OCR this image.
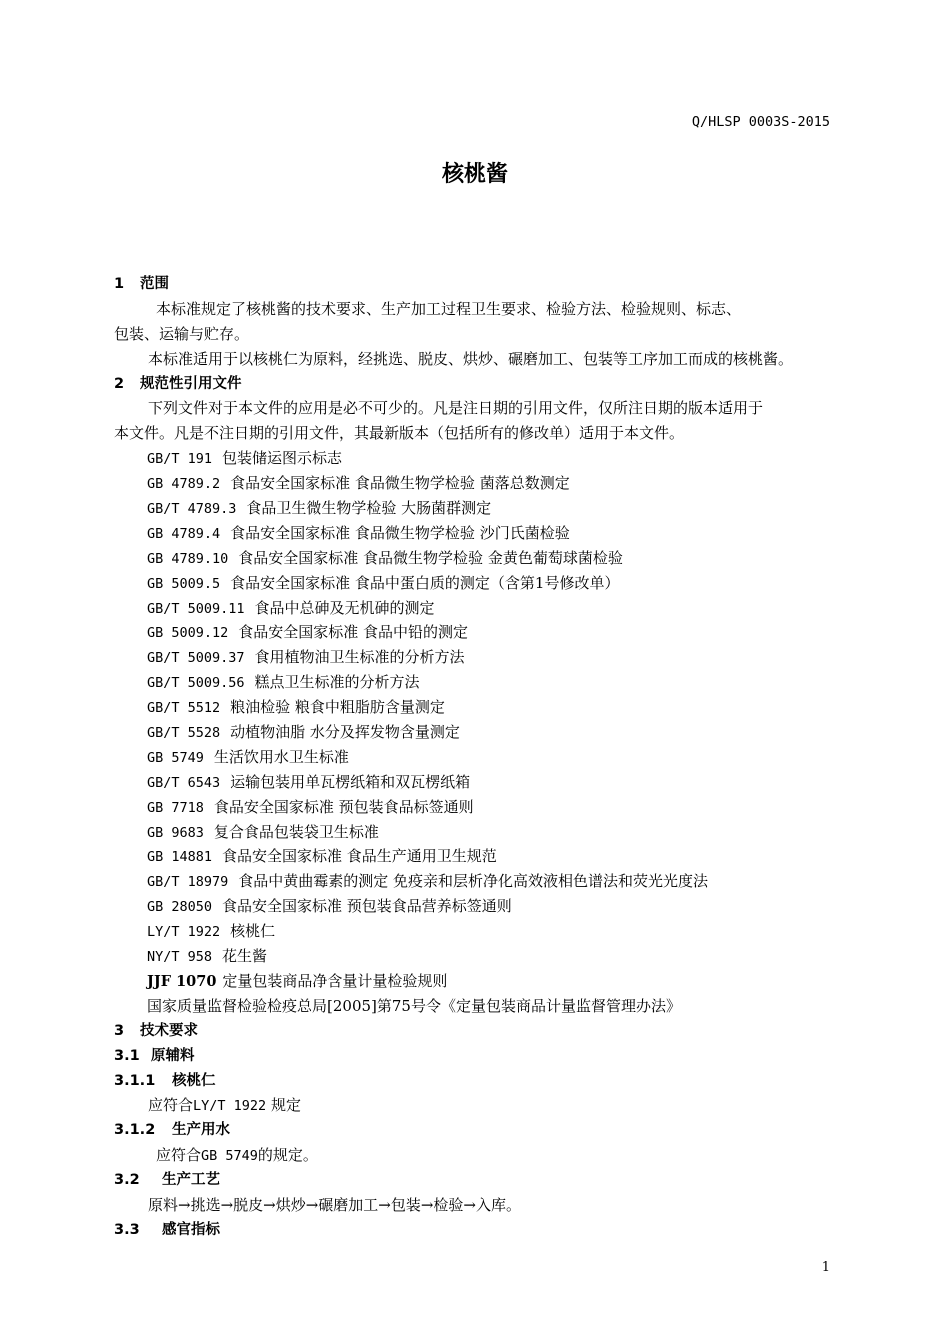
Q/HLSP 0003S-2015
核桃酱
1 范围
本标准规定了核桃酱的技术要求、生产加工过程卫生要求、检验方法、检验规则、标志、
包装、运输与贮存。
本标准适用于以核桃仁为原料，经挑选、脱皮、烘炒、碾磨加工、包装等工序加工而成的核桃酱。
2 规范性引用文件
下列文件对于本文件的应用是必不可少的。凡是注日期的引用文件，仅所注日期的版本适用于
本文件。凡是不注日期的引用文件，其最新版本（包括所有的修改单）适用于本文件。
GB/T 191 包装储运图示标志
GB 4789.2 食品安全国家标准 食品微生物学检验 菌落总数测定
GB/T 4789.3 食品卫生微生物学检验 大肠菌群测定
GB 4789.4 食品安全国家标准 食品微生物学检验 沙门氏菌检验
GB 4789.10 食品安全国家标准 食品微生物学检验 金黄色葡萄球菌检验
GB 5009.5 食品安全国家标准 食品中蛋白质的测定（含第1号修改单）
GB/T 5009.11 食品中总砷及无机砷的测定
GB 5009.12 食品安全国家标准 食品中铅的测定
GB/T 5009.37 食用植物油卫生标准的分析方法
GB/T 5009.56 糕点卫生标准的分析方法
GB/T 5512 粮油检验 粮食中粗脂肪含量测定
GB/T 5528 动植物油脂 水分及挥发物含量测定
GB 5749 生活饮用水卫生标准
GB/T 6543 运输包装用单瓦楞纸箱和双瓦楞纸箱
GB 7718 食品安全国家标准 预包装食品标签通则
GB 9683 复合食品包装袋卫生标准
GB 14881 食品安全国家标准 食品生产通用卫生规范
GB/T 18979 食品中黄曲霉素的测定 免疫亲和层析净化高效液相色谱法和荧光光度法
GB 28050 食品安全国家标准 预包装食品营养标签通则
LY/T 1922 核桃仁
NY/T 958 花生酱
JJF 1070 定量包装商品净含量计量检验规则
国家质量监督检验检疫总局[2005]第75号令《定量包装商品计量监督管理办法》
3 技术要求
3.1 原辅料
3.1.1 核桃仁
应符合LY/T 1922 规定
3.1.2 生产用水
应符合GB 5749的规定。
3.2 生产工艺
原料→挑选→脱皮→烘炒→碾磨加工→包装→检验→入库。
3.3 感官指标
1
